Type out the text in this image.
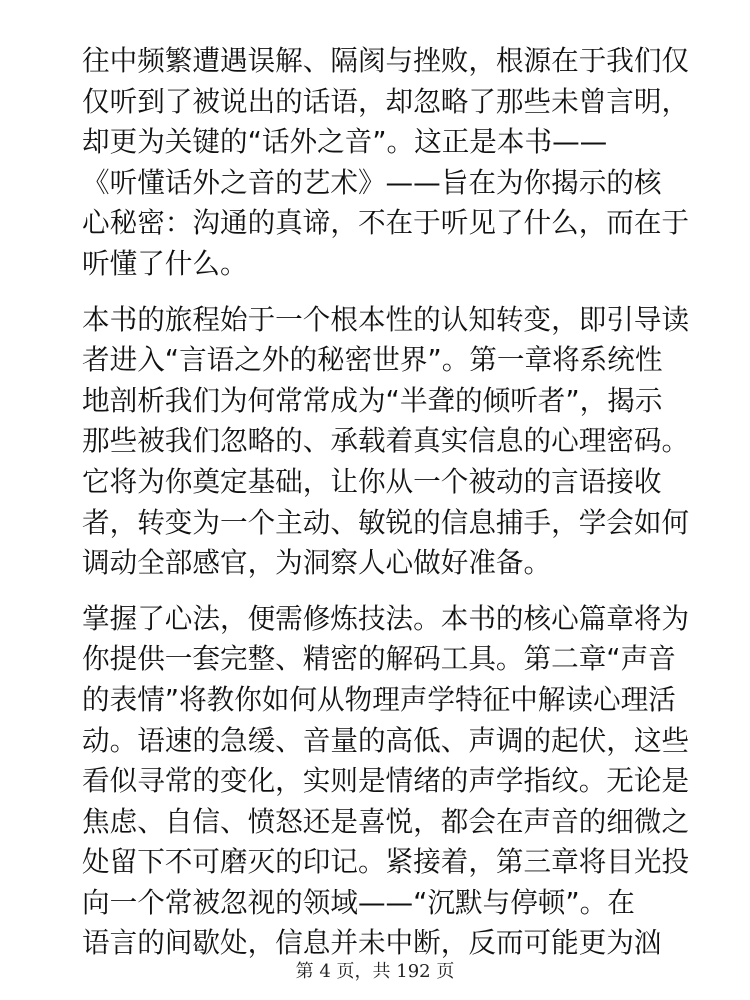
往中频繁遭遇误解、隔阂与挫败，根源在于我们仅
仅听到了被说出的话语，却忽略了那些未曾言明，
却更为关键的“话外之音”。这正是本书——
《听懂话外之音的艺术》——旨在为你揭示的核
心秘密：沟通的真谛，不在于听见了什么，而在于
听懂了什么。

本书的旅程始于一个根本性的认知转变，即引导读
者进入“言语之外的秘密世界”。第一章将系统性
地剖析我们为何常常成为“半聋的倾听者”，揭示
那些被我们忽略的、承载着真实信息的心理密码。
它将为你奠定基础，让你从一个被动的言语接收
者，转变为一个主动、敏锐的信息捕手，学会如何
调动全部感官，为洞察人心做好准备。

掌握了心法，便需修炼技法。本书的核心篇章将为
你提供一套完整、精密的解码工具。第二章“声音
的表情”将教你如何从物理声学特征中解读心理活
动。语速的急缓、音量的高低、声调的起伏，这些
看似寻常的变化，实则是情绪的声学指纹。无论是
焦虑、自信、愤怒还是喜悦，都会在声音的细微之
处留下不可磨灭的印记。紧接着，第三章将目光投
向一个常被忽视的领域——“沉默与停顿”。在
语言的间歇处，信息并未中断，反而可能更为汹

第 4 页，共 192 页
